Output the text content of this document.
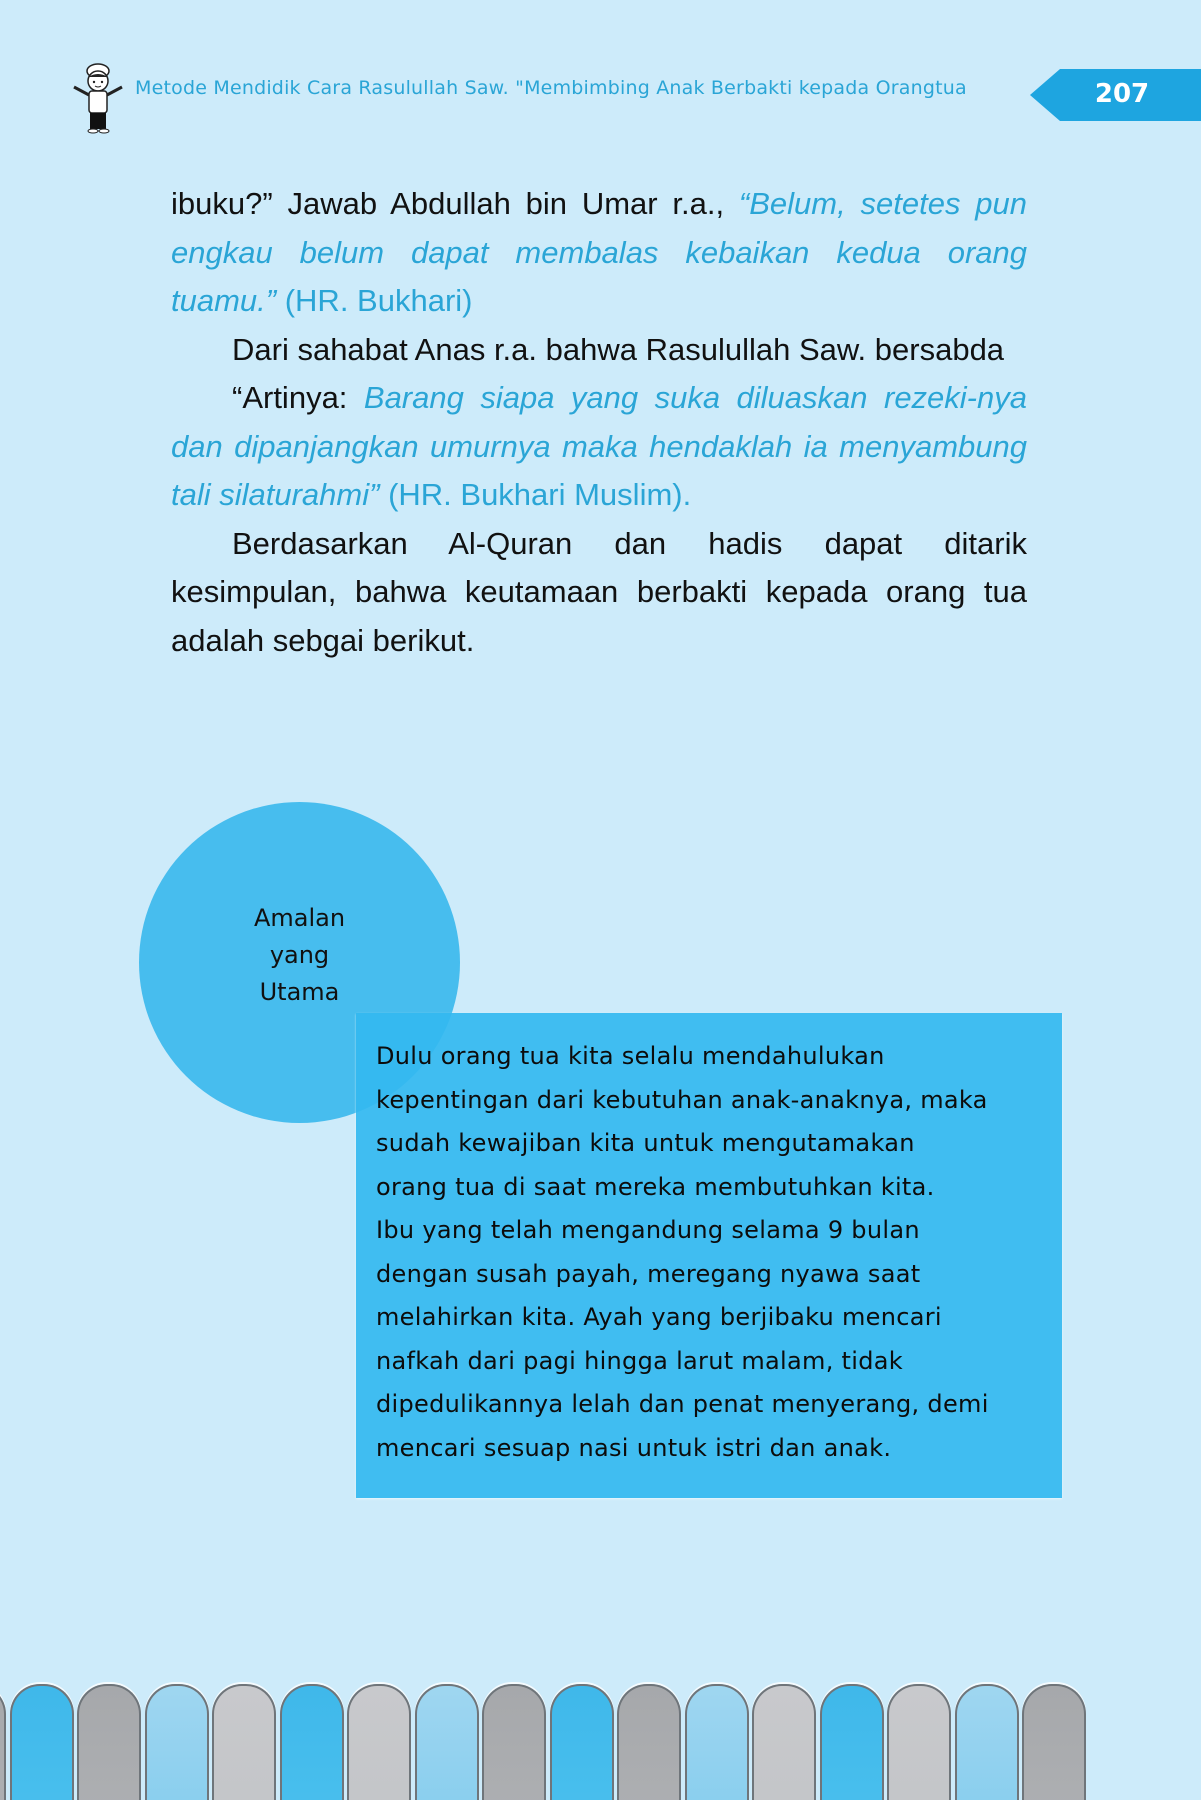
Metode Mendidik Cara Rasulullah Saw. "Membimbing Anak Berbakti kepada Orangtua	207

ibuku?” Jawab Abdullah bin Umar r.a., “Belum, setetes pun engkau belum dapat membalas kebaikan kedua orang tuamu.” (HR. Bukhari)

Dari sahabat Anas r.a. bahwa Rasulullah Saw. bersabda

“Artinya: Barang siapa yang suka diluaskan rezeki-nya dan dipanjangkan umurnya maka hendaklah ia menyambung tali silaturahmi” (HR. Bukhari Muslim).

Berdasarkan Al-Quran dan hadis dapat ditarik kesimpulan, bahwa keutamaan berbakti kepada orang tua adalah sebgai berikut.

Amalan
yang
Utama
Dulu orang tua kita selalu mendahulukan
kepentingan dari kebutuhan anak-anaknya, maka
sudah kewajiban kita untuk mengutamakan
orang tua di saat mereka membutuhkan kita.
Ibu yang telah mengandung selama 9 bulan
dengan susah payah, meregang nyawa saat
melahirkan kita. Ayah yang berjibaku mencari
nafkah dari pagi hingga larut malam, tidak
dipedulikannya lelah dan penat menyerang, demi
mencari sesuap nasi untuk istri dan anak.
